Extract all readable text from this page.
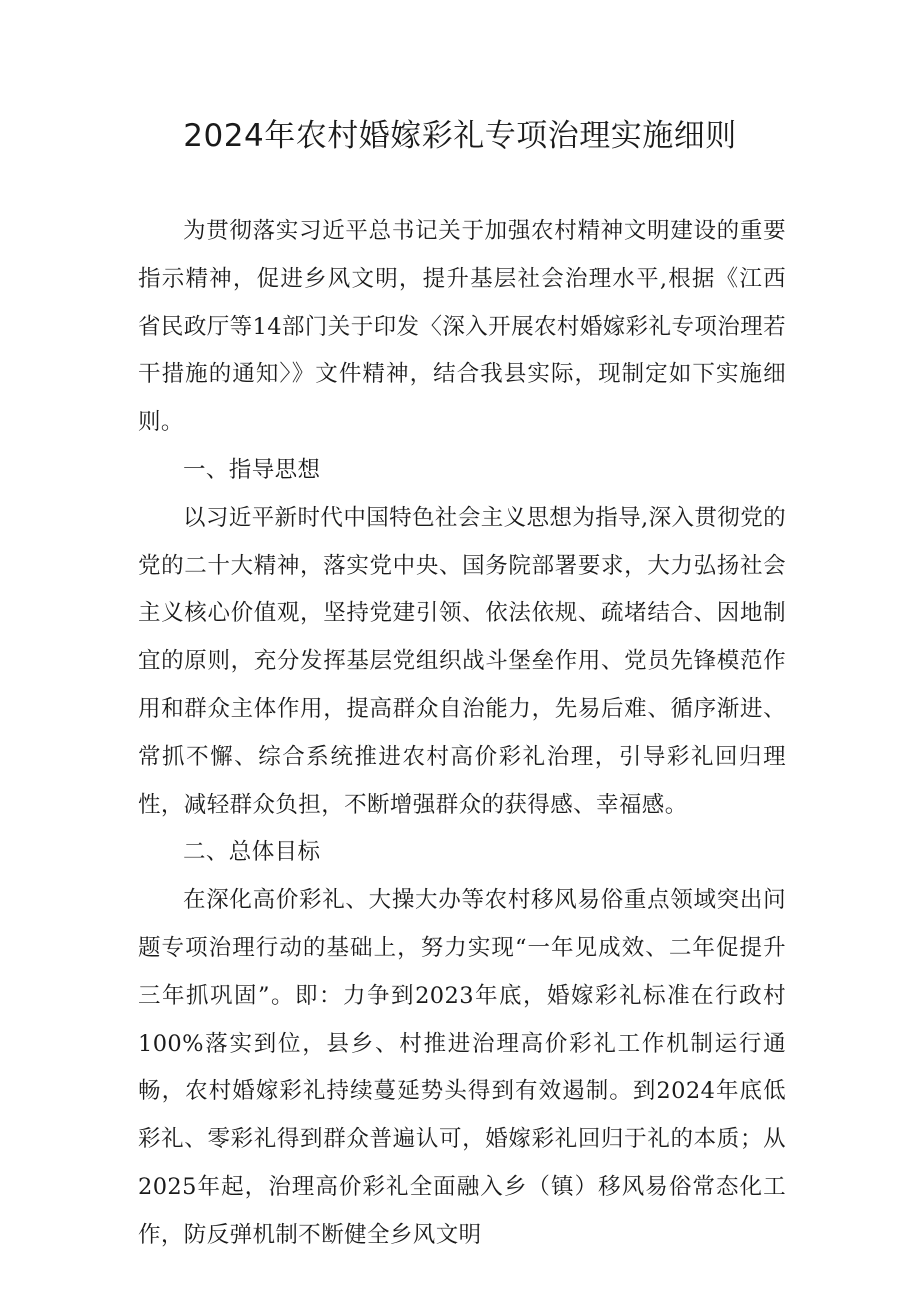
2024年农村婚嫁彩礼专项治理实施细则

为贯彻落实习近平总书记关于加强农村精神文明建设的重要指示精神，促进乡风文明，提升基层社会治理水平,根据《江西省民政厅等14部门关于印发〈深入开展农村婚嫁彩礼专项治理若干措施的通知〉》文件精神，结合我县实际，现制定如下实施细则。

一、指导思想

以习近平新时代中国特色社会主义思想为指导,深入贯彻党的党的二十大精神，落实党中央、国务院部署要求，大力弘扬社会主义核心价值观，坚持党建引领、依法依规、疏堵结合、因地制宜的原则，充分发挥基层党组织战斗堡垒作用、党员先锋模范作用和群众主体作用，提高群众自治能力，先易后难、循序渐进、常抓不懈、综合系统推进农村高价彩礼治理，引导彩礼回归理性，减轻群众负担，不断增强群众的获得感、幸福感。

二、总体目标

在深化高价彩礼、大操大办等农村移风易俗重点领域突出问题专项治理行动的基础上，努力实现“一年见成效、二年促提升三年抓巩固”。即：力争到2023年底，婚嫁彩礼标准在行政村100%落实到位，县乡、村推进治理高价彩礼工作机制运行通畅，农村婚嫁彩礼持续蔓延势头得到有效遏制。到2024年底低彩礼、零彩礼得到群众普遍认可，婚嫁彩礼回归于礼的本质；从2025年起，治理高价彩礼全面融入乡（镇）移风易俗常态化工作，防反弹机制不断健全乡风文明
